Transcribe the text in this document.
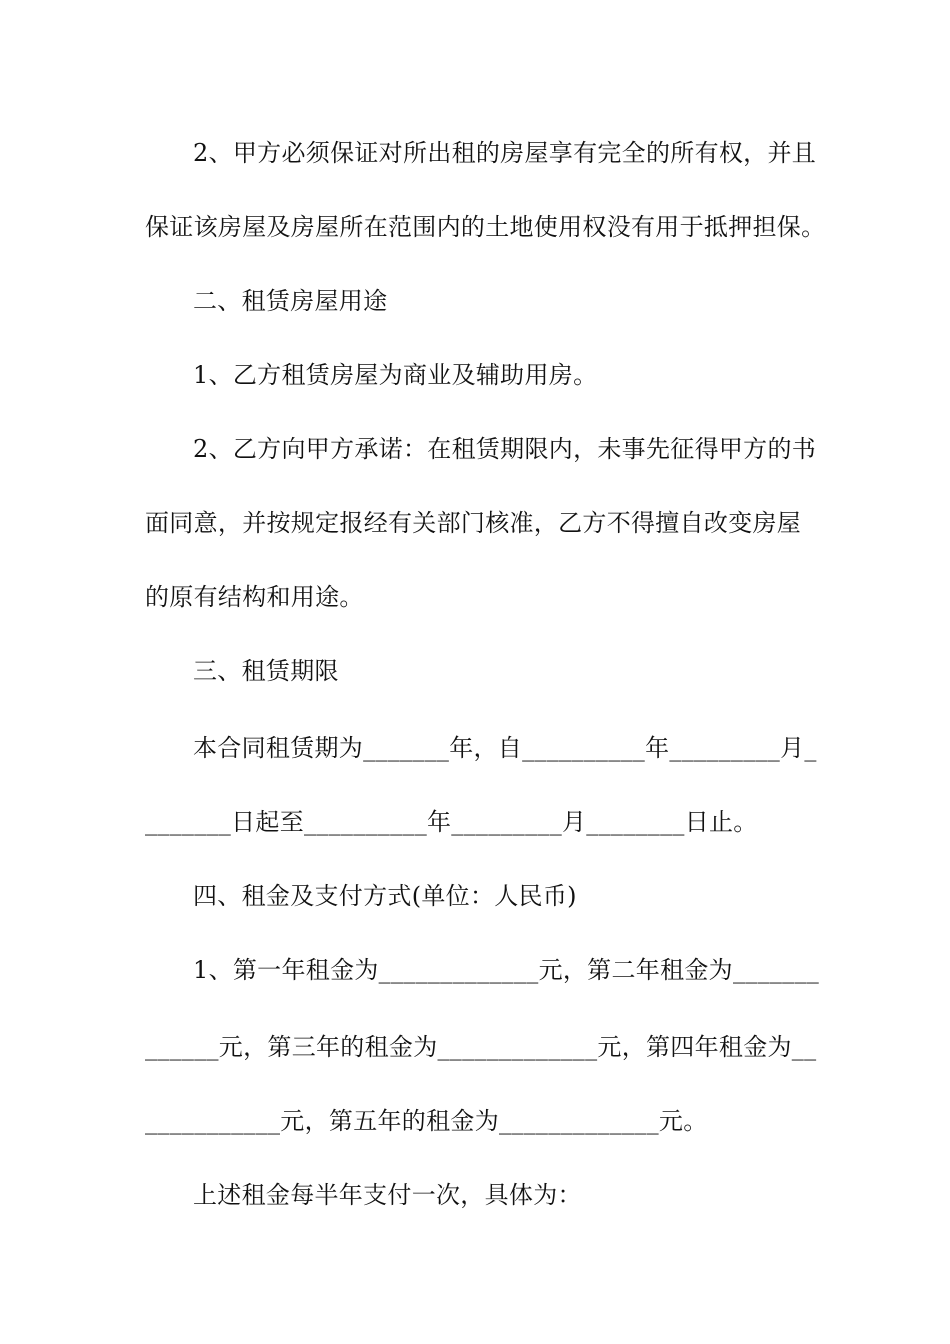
2、甲方必须保证对所出租的房屋享有完全的所有权，并且
保证该房屋及房屋所在范围内的土地使用权没有用于抵押担保。
二、租赁房屋用途
1、乙方租赁房屋为商业及辅助用房。
2、乙方向甲方承诺：在租赁期限内，未事先征得甲方的书
面同意，并按规定报经有关部门核准，乙方不得擅自改变房屋
的原有结构和用途。
三、租赁期限
本合同租赁期为_______年，自__________年_________月_
_______日起至__________年_________月________日止。
四、租金及支付方式(单位：人民币)
1、第一年租金为_____________元，第二年租金为_______
______元，第三年的租金为_____________元，第四年租金为__
___________元，第五年的租金为_____________元。
上述租金每半年支付一次，具体为：
